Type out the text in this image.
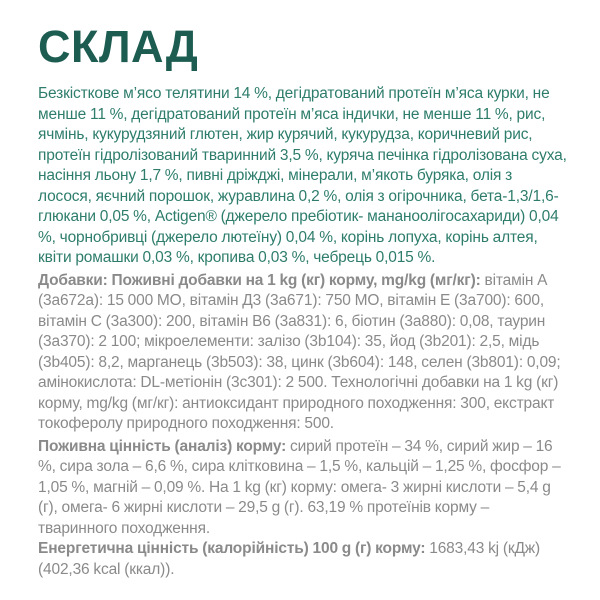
СКЛАД

Безкісткове м’ясо телятини 14 %, дегідратований протеїн м’яса курки, не менше 11 %, дегідратований протеїн м’яса індички, не менше 11 %, рис, ячмінь, кукурудзяний глютен, жир курячий, кукурудза, коричневий рис, протеїн гідролізований тваринний 3,5 %, куряча печінка гідролізована суха, насіння льону 1,7 %, пивні дріжджі, мінерали, м’якоть буряка, олія з лосося, яєчний порошок, журавлина 0,2 %, олія з огірочника, бета-1,3/1,6-глюкани 0,05 %, Actigen® (джерело пребіотик- мананоолігосахариди) 0,04 %, чорнобривці (джерело лютеїну) 0,04 %, корінь лопуха, корінь алтея, квіти ромашки 0,03 %, кропива 0,03 %, чебрець 0,015 %.

Добавки: Поживні добавки на 1 kg (кг) корму, mg/kg (мг/кг): вітамін А (3а672а): 15 000 МО, вітамін Д3 (3а671): 750 МО, вітамін Е (3а700): 600, вітамін С (3а300): 200, вітамін В6 (3а831): 6, біотин (3а880): 0,08, таурин (3а370): 2 100; мікроелементи: залізо (3b104): 35, йод (3b201): 2,5, мідь (3b405): 8,2, марганець (3b503): 38, цинк (3b604): 148, селен (3b801): 0,09; амінокислота: DL-метіонін (3c301): 2 500. Технологічні добавки на 1 kg (кг) корму, mg/kg (мг/кг): антиоксидант природного походження: 300, екстракт токоферолу природного походження: 500.

Поживна цінність (аналіз) корму: сирий протеїн – 34 %, сирий жир – 16 %, сира зола – 6,6 %, сира клітковина – 1,5 %, кальцій – 1,25 %, фосфор – 1,05 %, магній – 0,09 %. На 1 kg (кг) корму: омега- 3 жирні кислоти – 5,4 g (г), омега- 6 жирні кислоти – 29,5 g (г). 63,19 % протеїнів корму – тваринного походження.

Енергетична цінність (калорійність) 100 g (г) корму: 1683,43 kj (кДж) (402,36 kcal (ккал)).
